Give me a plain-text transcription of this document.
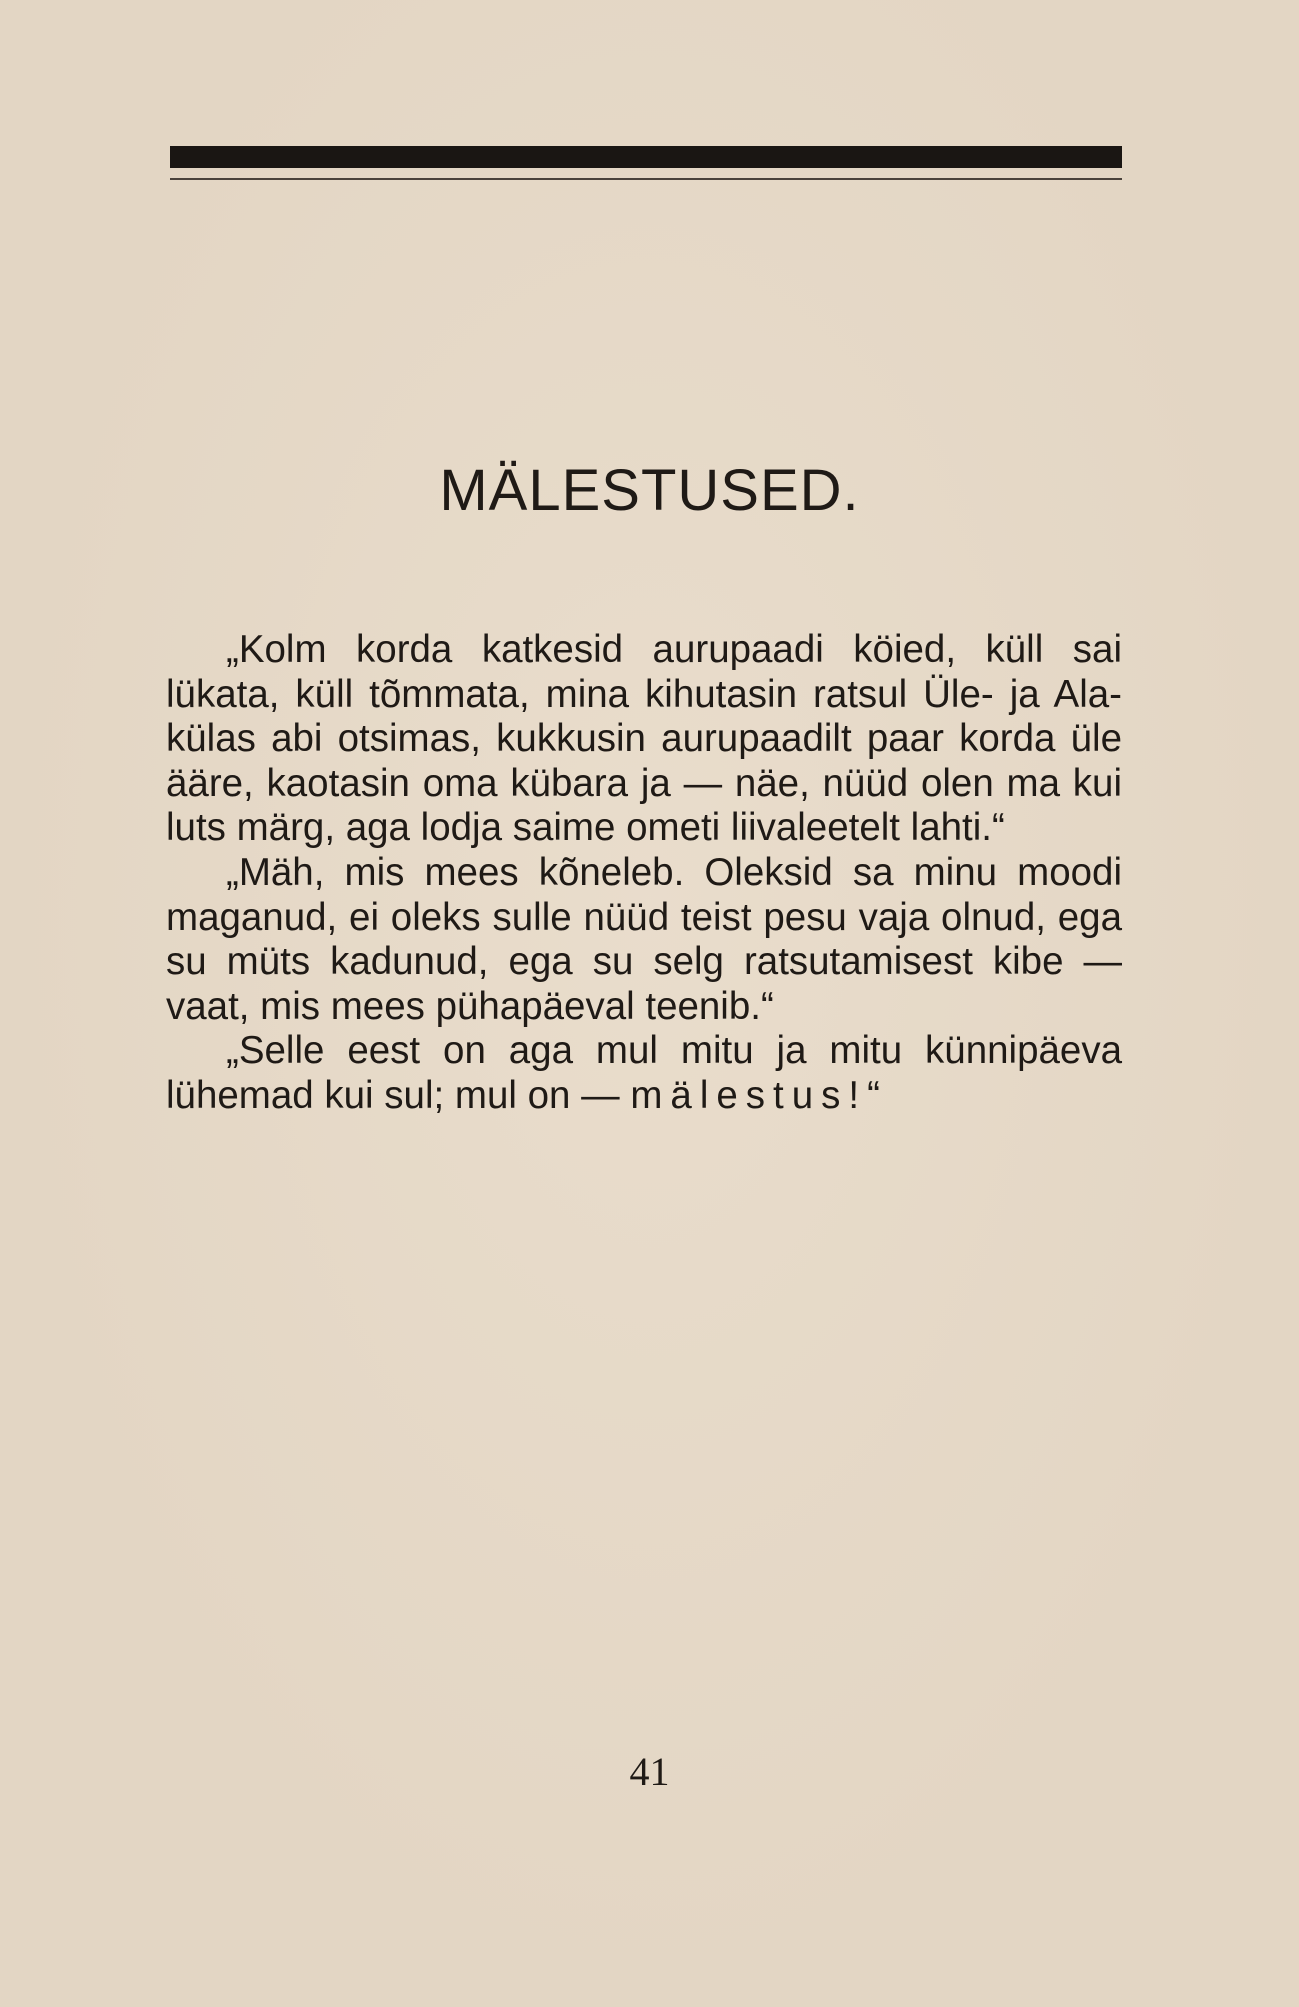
MÄLESTUSED.

„Kolm korda katkesid aurupaadi köied, küll sai lükata, küll tõmmata, mina kihutasin ratsul Üle- ja Ala-külas abi otsimas, kukkusin aurupaadilt paar korda üle ääre, kaotasin oma kübara ja — näe, nüüd olen ma kui luts märg, aga lodja saime ometi liivaleetelt lahti.“

„Mäh, mis mees kõneleb. Oleksid sa minu moodi maganud, ei oleks sulle nüüd teist pesu vaja olnud, ega su müts kadunud, ega su selg ratsutamisest kibe — vaat, mis mees pühapäeval teenib.“

„Selle eest on aga mul mitu ja mitu künnipäeva lühemad kui sul; mul on — mälestus!“

41
